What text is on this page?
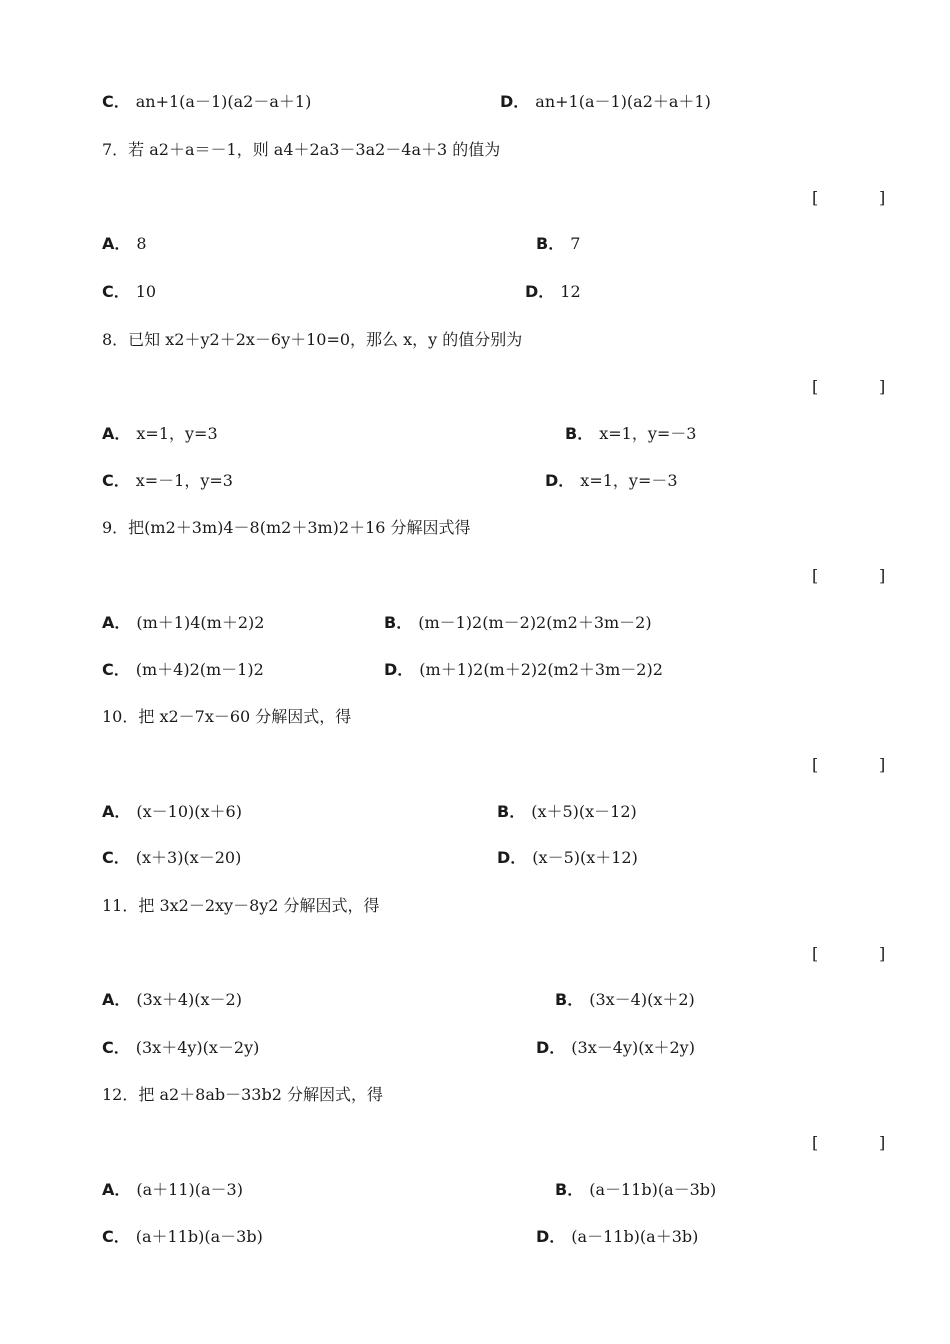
C． an+1(a－1)(a2－a＋1)	D． an+1(a－1)(a2＋a＋1)
7．若 a2＋a＝－1，则 a4＋2a3－3a2－4a＋3 的值为
[	]
A． 8	B． 7
C． 10	D． 12
8．已知 x2＋y2＋2x－6y＋10=0，那么 x，y 的值分别为
[	]
A． x=1，y=3	B． x=1，y=－3
C． x=－1，y=3	D． x=1，y=－3
9．把(m2＋3m)4－8(m2＋3m)2＋16 分解因式得
[	]
A． (m＋1)4(m＋2)2	B． (m－1)2(m－2)2(m2＋3m－2)
C． (m＋4)2(m－1)2	D． (m＋1)2(m＋2)2(m2＋3m－2)2
10．把 x2－7x－60 分解因式，得
[	]
A． (x－10)(x＋6)	B． (x＋5)(x－12)
C． (x＋3)(x－20)	D． (x－5)(x＋12)
11．把 3x2－2xy－8y2 分解因式，得
[	]
A． (3x＋4)(x－2)	B． (3x－4)(x＋2)
C． (3x＋4y)(x－2y)	D． (3x－4y)(x＋2y)
12．把 a2＋8ab－33b2 分解因式，得
[	]
A． (a＋11)(a－3)	B． (a－11b)(a－3b)
C． (a＋11b)(a－3b)	D． (a－11b)(a＋3b)
